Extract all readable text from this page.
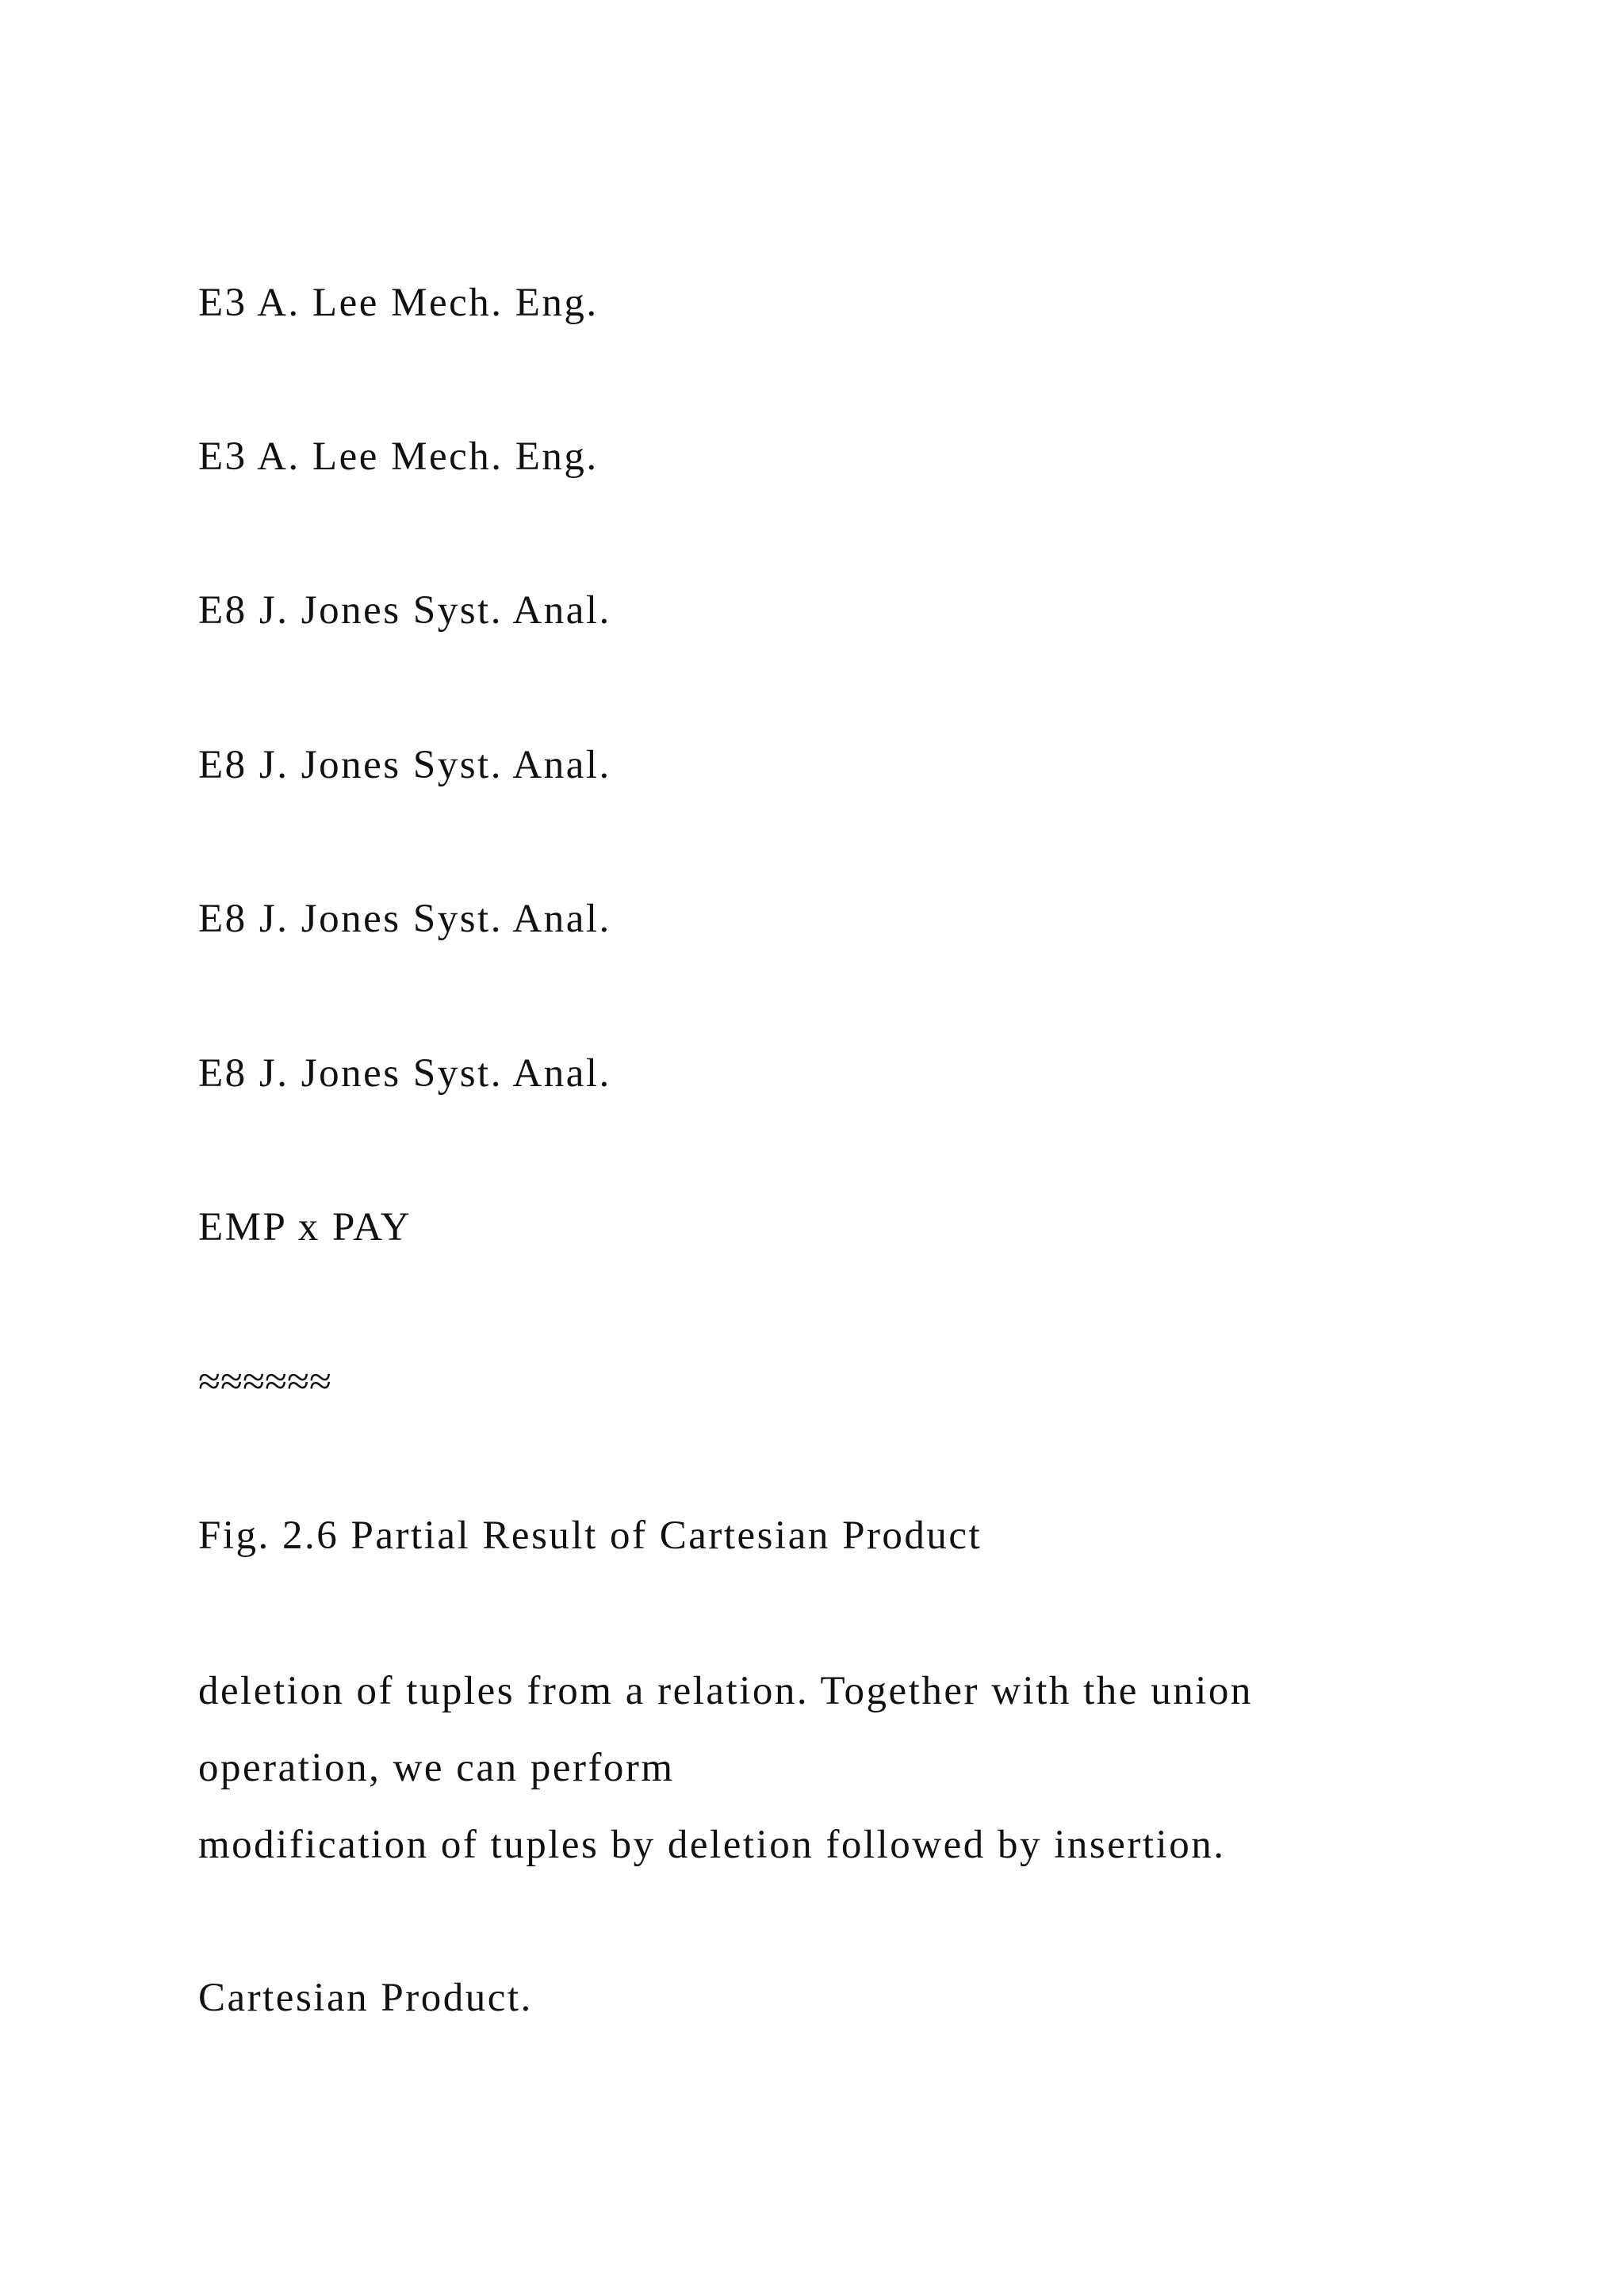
E3 A. Lee Mech. Eng.
E3 A. Lee Mech. Eng.
E8 J. Jones Syst. Anal.
E8 J. Jones Syst. Anal.
E8 J. Jones Syst. Anal.
E8 J. Jones Syst. Anal.
EMP x PAY
≈≈≈≈≈≈
Fig. 2.6 Partial Result of Cartesian Product
deletion of tuples from a relation. Together with the union
operation, we can perform
modification of tuples by deletion followed by insertion.
Cartesian Product.
